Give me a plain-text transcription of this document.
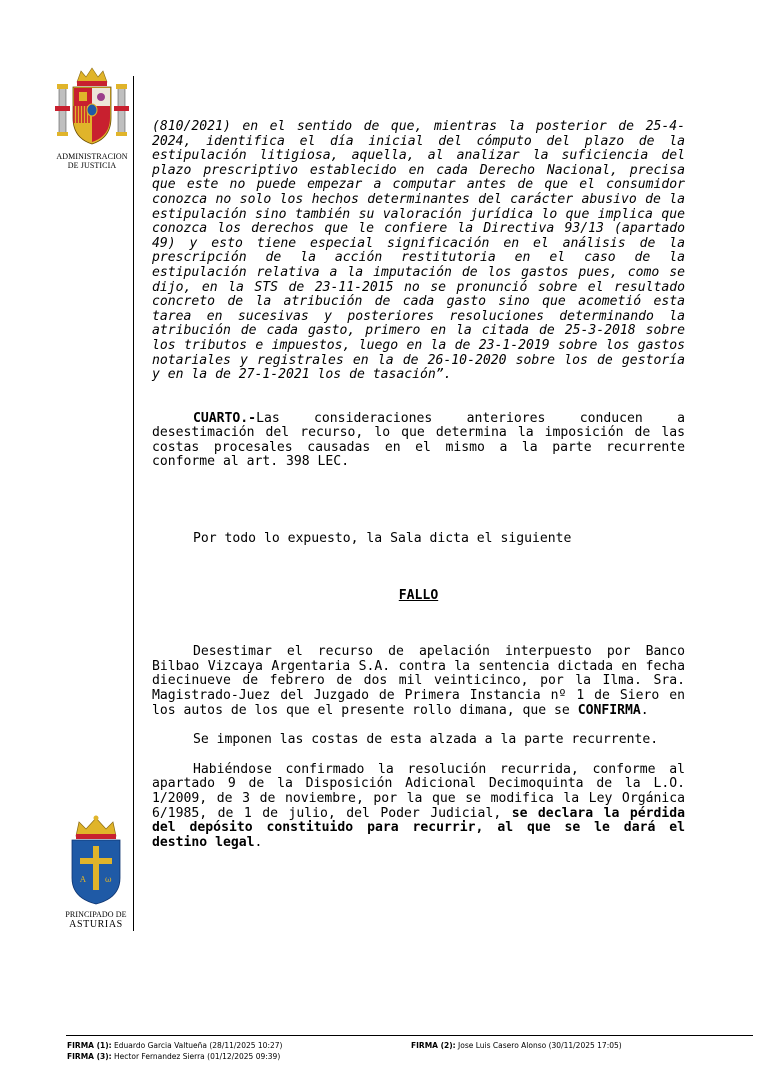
ADMINISTRACION
DE JUSTICIA
A ω
PRINCIPADO DE
ASTURIAS

(810/2021) en el sentido de que, mientras la posterior de 25-4-2024, identifica el día inicial del cómputo del plazo de la estipulación litigiosa, aquella, al analizar la suficiencia del plazo prescriptivo establecido en cada Derecho Nacional, precisa que este no puede empezar a computar antes de que el consumidor conozca no solo los hechos determinantes del carácter abusivo de la estipulación sino también su valoración jurídica lo que implica que conozca los derechos que le confiere la Directiva 93/13 (apartado 49) y esto tiene especial significación en el análisis de la prescripción de la acción restitutoria en el caso de la estipulación relativa a la imputación de los gastos pues, como se dijo, en la STS de 23-11-2015 no se pronunció sobre el resultado concreto de la atribución de cada gasto sino que acometió esta tarea en sucesivas y posteriores resoluciones determinando la atribución de cada gasto, primero en la citada de 25-3-2018 sobre los tributos e impuestos, luego en la de 23-1-2019 sobre los gastos notariales y registrales en la de 26-10-2020 sobre los de gestoría y en la de 27-1-2021 los de tasación”.

CUARTO.-Las consideraciones anteriores conducen a desestimación del recurso, lo que determina la imposición de las costas procesales causadas en el mismo a la parte recurrente conforme al art. 398 LEC.

Por todo lo expuesto, la Sala dicta el siguiente

FALLO

Desestimar el recurso de apelación interpuesto por Banco Bilbao Vizcaya Argentaria S.A. contra la sentencia dictada en fecha diecinueve de febrero de dos mil veinticinco, por la Ilma. Sra. Magistrado-Juez del Juzgado de Primera Instancia nº 1 de Siero en los autos de los que el presente rollo dimana, que se CONFIRMA.

Se imponen las costas de esta alzada a la parte recurrente.

Habiéndose confirmado la resolución recurrida, conforme al apartado 9 de la Disposición Adicional Decimoquinta de la L.O. 1/2009, de 3 de noviembre, por la que se modifica la Ley Orgánica 6/1985, de 1 de julio, del Poder Judicial, se declara la pérdida del depósito constituido para recurrir, al que se le dará el destino legal.

FIRMA (1): Eduardo Garcia Valtueña (28/11/2025 10:27)	FIRMA (2): Jose Luis Casero Alonso (30/11/2025 17:05)
FIRMA (3): Hector Fernandez Sierra (01/12/2025 09:39)
